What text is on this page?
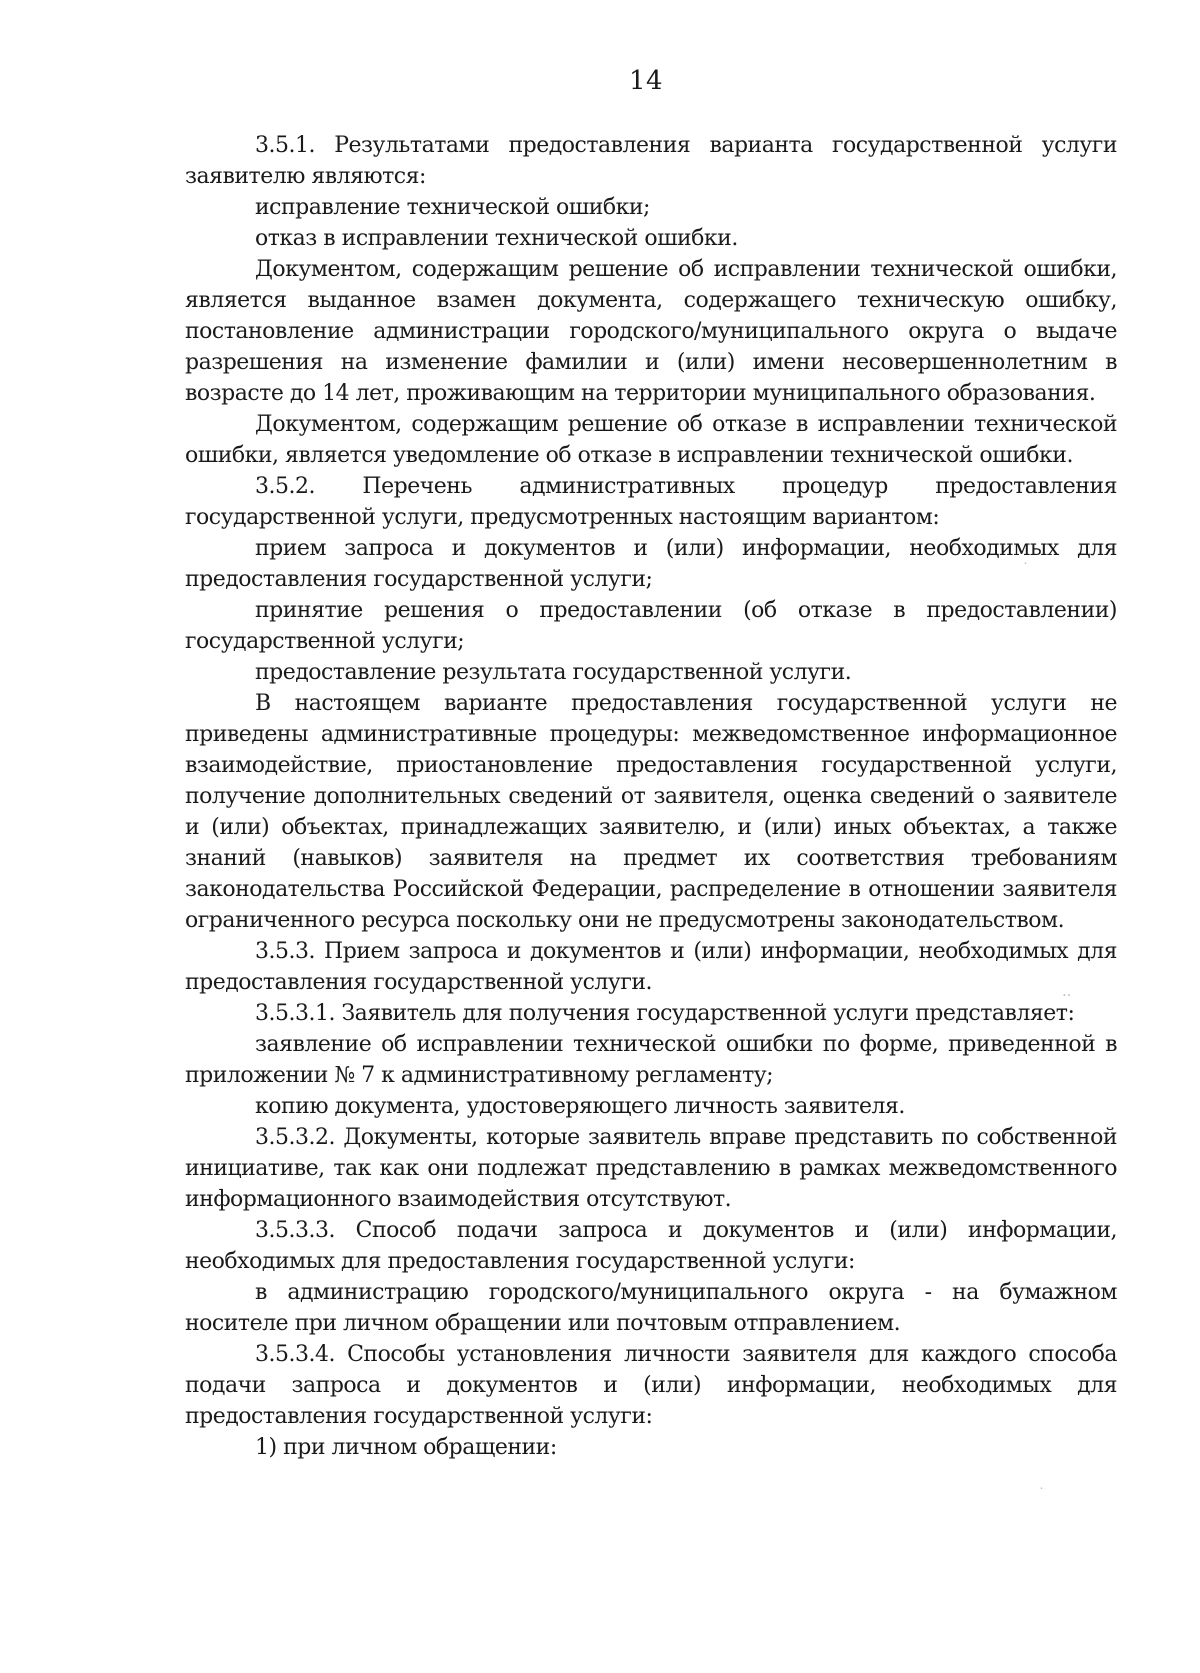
14

3.5.1. Результатами предоставления варианта государственной услуги заявителю являются:

исправление технической ошибки;

отказ в исправлении технической ошибки.

Документом, содержащим решение об исправлении технической ошибки, является выданное взамен документа, содержащего техническую ошибку, постановление администрации городского/муниципального округа о выдаче разрешения на изменение фамилии и (или) имени несовершеннолетним в возрасте до 14 лет, проживающим на территории муниципального образования.

Документом, содержащим решение об отказе в исправлении технической ошибки, является уведомление об отказе в исправлении технической ошибки.

3.5.2. Перечень административных процедур предоставления государственной услуги, предусмотренных настоящим вариантом:

прием запроса и документов и (или) информации, необходимых для предоставления государственной услуги;

принятие решения о предоставлении (об отказе в предоставлении) государственной услуги;

предоставление результата государственной услуги.

В настоящем варианте предоставления государственной услуги не приведены административные процедуры: межведомственное информационное взаимодействие, приостановление предоставления государственной услуги, получение дополнительных сведений от заявителя, оценка сведений о заявителе и (или) объектах, принадлежащих заявителю, и (или) иных объектах, а также знаний (навыков) заявителя на предмет их соответствия требованиям законодательства Российской Федерации, распределение в отношении заявителя ограниченного ресурса поскольку они не предусмотрены законодательством.

3.5.3. Прием запроса и документов и (или) информации, необходимых для предоставления государственной услуги.

3.5.3.1. Заявитель для получения государственной услуги представляет:

заявление об исправлении технической ошибки по форме, приведенной в приложении № 7 к административному регламенту;

копию документа, удостоверяющего личность заявителя.

3.5.3.2. Документы, которые заявитель вправе представить по собственной инициативе, так как они подлежат представлению в рамках межведомственного информационного взаимодействия отсутствуют.

3.5.3.3. Способ подачи запроса и документов и (или) информации, необходимых для предоставления государственной услуги:

в администрацию городского/муниципального округа - на бумажном носителе при личном обращении или почтовым отправлением.

3.5.3.4. Способы установления личности заявителя для каждого способа подачи запроса и документов и (или) информации, необходимых для предоставления государственной услуги:

1) при личном обращении:

˙
˙
․․
